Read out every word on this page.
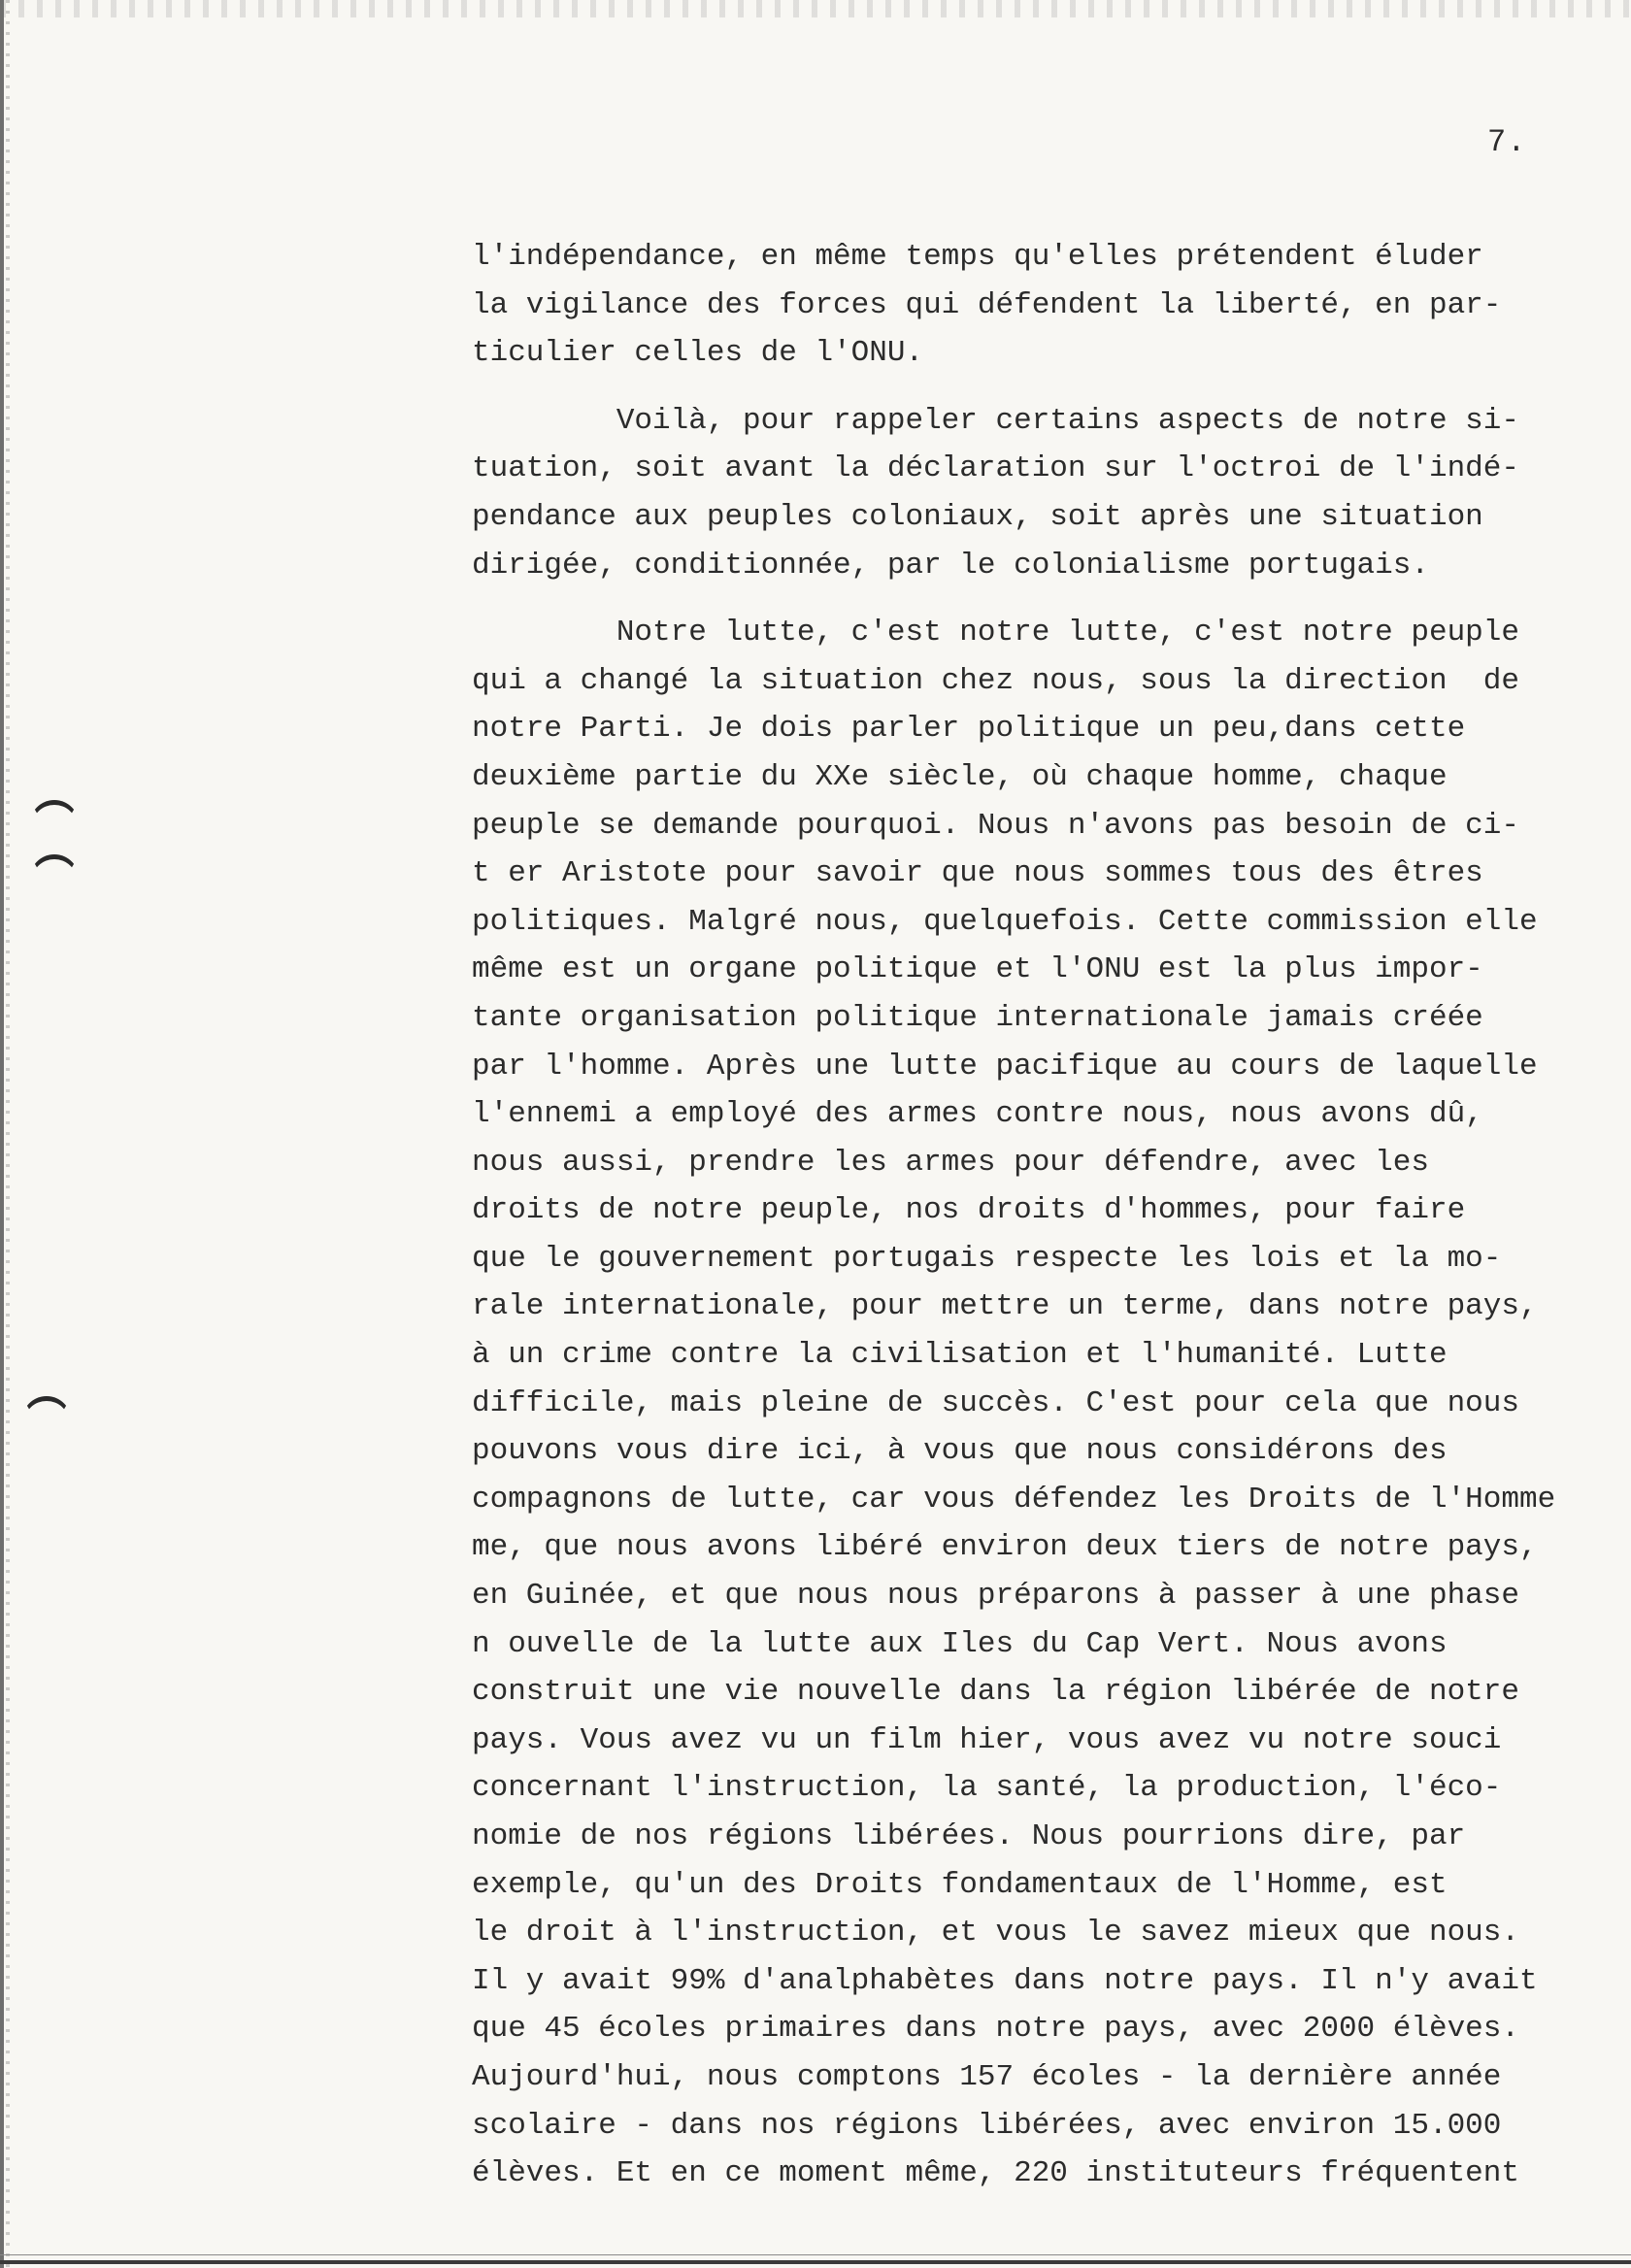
7.
l'indépendance, en même temps qu'elles prétendent éluder
la vigilance des forces qui défendent la liberté, en par-
ticulier celles de l'ONU.
Voilà, pour rappeler certains aspects de notre si-
tuation, soit avant la déclaration sur l'octroi de l'indé-
pendance aux peuples coloniaux, soit après une situation
dirigée, conditionnée, par le colonialisme portugais.
Notre lutte, c'est notre lutte, c'est notre peuple
qui a changé la situation chez nous, sous la direction  de
notre Parti. Je dois parler politique un peu,dans cette
deuxième partie du XXe siècle, où chaque homme, chaque
peuple se demande pourquoi. Nous n'avons pas besoin de ci-
t er Aristote pour savoir que nous sommes tous des êtres
politiques. Malgré nous, quelquefois. Cette commission elle
même est un organe politique et l'ONU est la plus impor-
tante organisation politique internationale jamais créée
par l'homme. Après une lutte pacifique au cours de laquelle
l'ennemi a employé des armes contre nous, nous avons dû,
nous aussi, prendre les armes pour défendre, avec les
droits de notre peuple, nos droits d'hommes, pour faire
que le gouvernement portugais respecte les lois et la mo-
rale internationale, pour mettre un terme, dans notre pays,
à un crime contre la civilisation et l'humanité. Lutte
difficile, mais pleine de succès. C'est pour cela que nous
pouvons vous dire ici, à vous que nous considérons des
compagnons de lutte, car vous défendez les Droits de l'Homme
me, que nous avons libéré environ deux tiers de notre pays,
en Guinée, et que nous nous préparons à passer à une phase
n ouvelle de la lutte aux Iles du Cap Vert. Nous avons
construit une vie nouvelle dans la région libérée de notre
pays. Vous avez vu un film hier, vous avez vu notre souci
concernant l'instruction, la santé, la production, l'éco-
nomie de nos régions libérées. Nous pourrions dire, par
exemple, qu'un des Droits fondamentaux de l'Homme, est
le droit à l'instruction, et vous le savez mieux que nous.
Il y avait 99% d'analphabètes dans notre pays. Il n'y avait
que 45 écoles primaires dans notre pays, avec 2000 élèves.
Aujourd'hui, nous comptons 157 écoles - la dernière année
scolaire - dans nos régions libérées, avec environ 15.000
élèves. Et en ce moment même, 220 instituteurs fréquentent
